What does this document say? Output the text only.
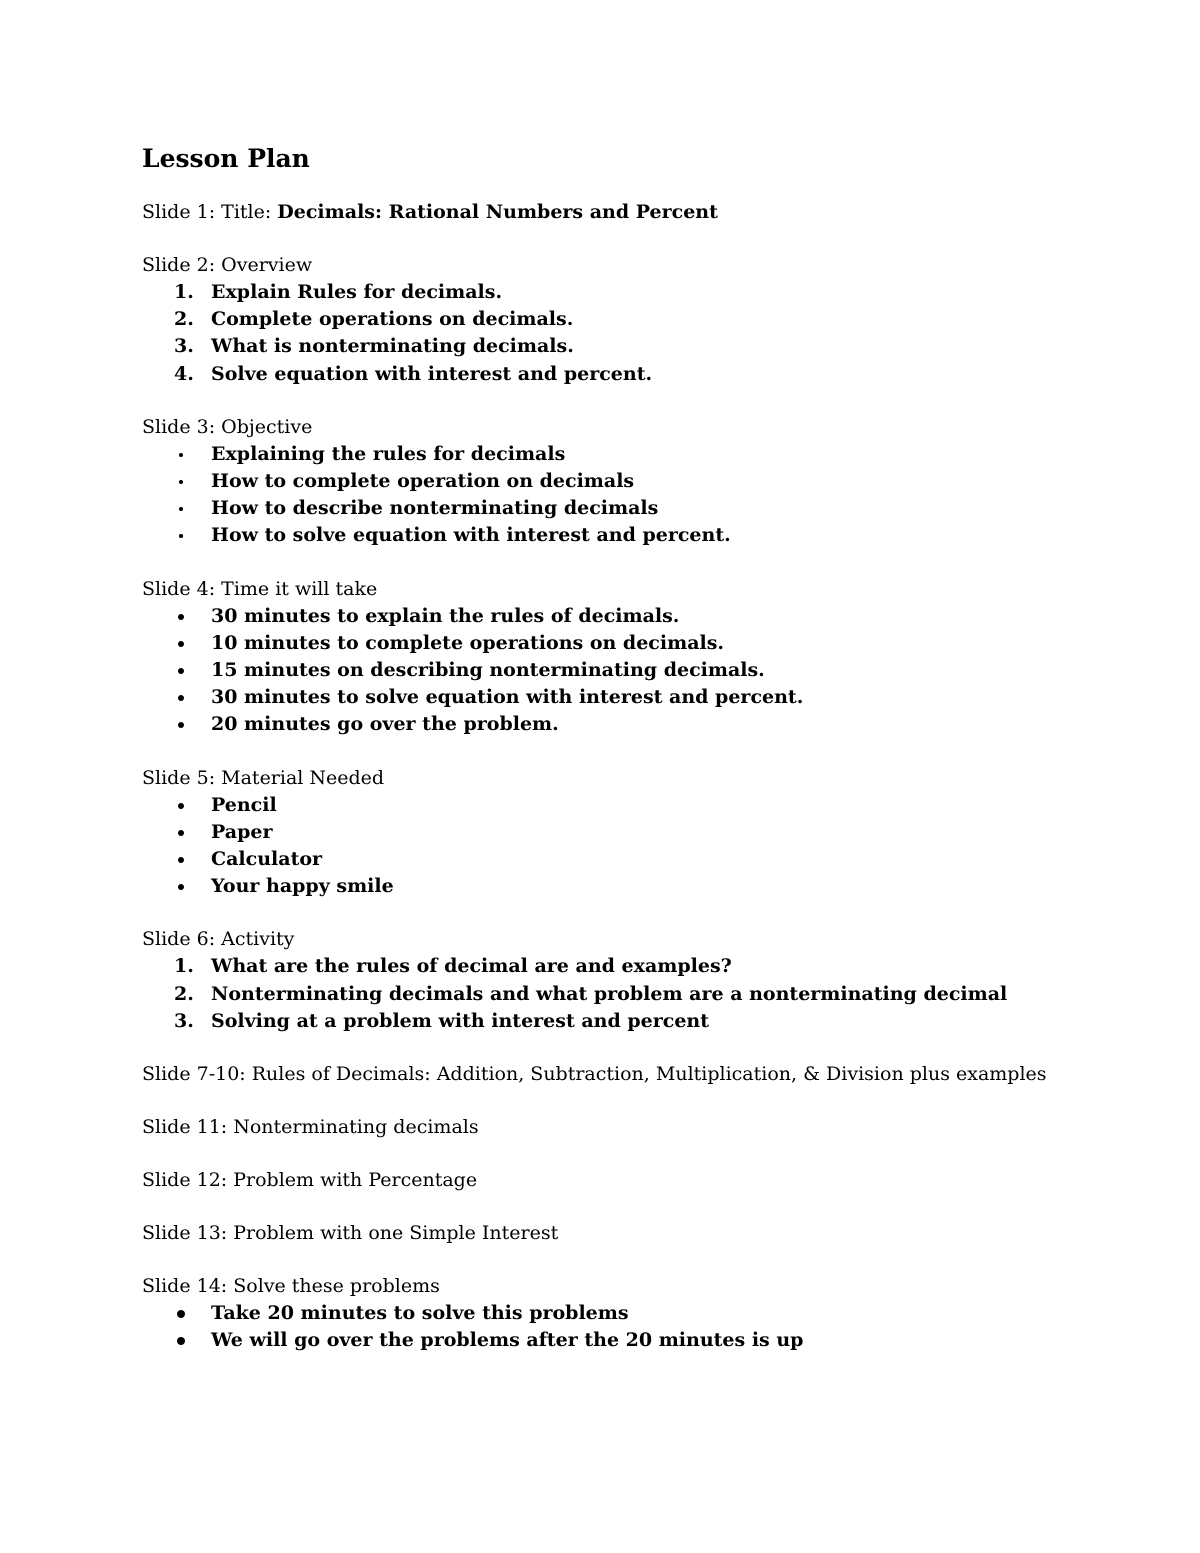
Lesson Plan
Slide 1: Title: Decimals: Rational Numbers and Percent
Slide 2: Overview
1. Explain Rules for decimals.
2. Complete operations on decimals.
3. What is nonterminating decimals.
4. Solve equation with interest and percent.
Slide 3: Objective
Explaining the rules for decimals
How to complete operation on decimals
How to describe nonterminating decimals
How to solve equation with interest and percent.
Slide 4: Time it will take
30 minutes to explain the rules of decimals.
10 minutes to complete operations on decimals.
15 minutes on describing nonterminating decimals.
30 minutes to solve equation with interest and percent.
20 minutes go over the problem.
Slide 5: Material Needed
Pencil
Paper
Calculator
Your happy smile
Slide 6: Activity
1. What are the rules of decimal are and examples?
2. Nonterminating decimals and what problem are a nonterminating decimal
3. Solving at a problem with interest and percent
Slide 7-10: Rules of Decimals: Addition, Subtraction, Multiplication, & Division plus examples
Slide 11: Nonterminating decimals
Slide 12: Problem with Percentage
Slide 13: Problem with one Simple Interest
Slide 14: Solve these problems
Take 20 minutes to solve this problems
We will go over the problems after the 20 minutes is up
